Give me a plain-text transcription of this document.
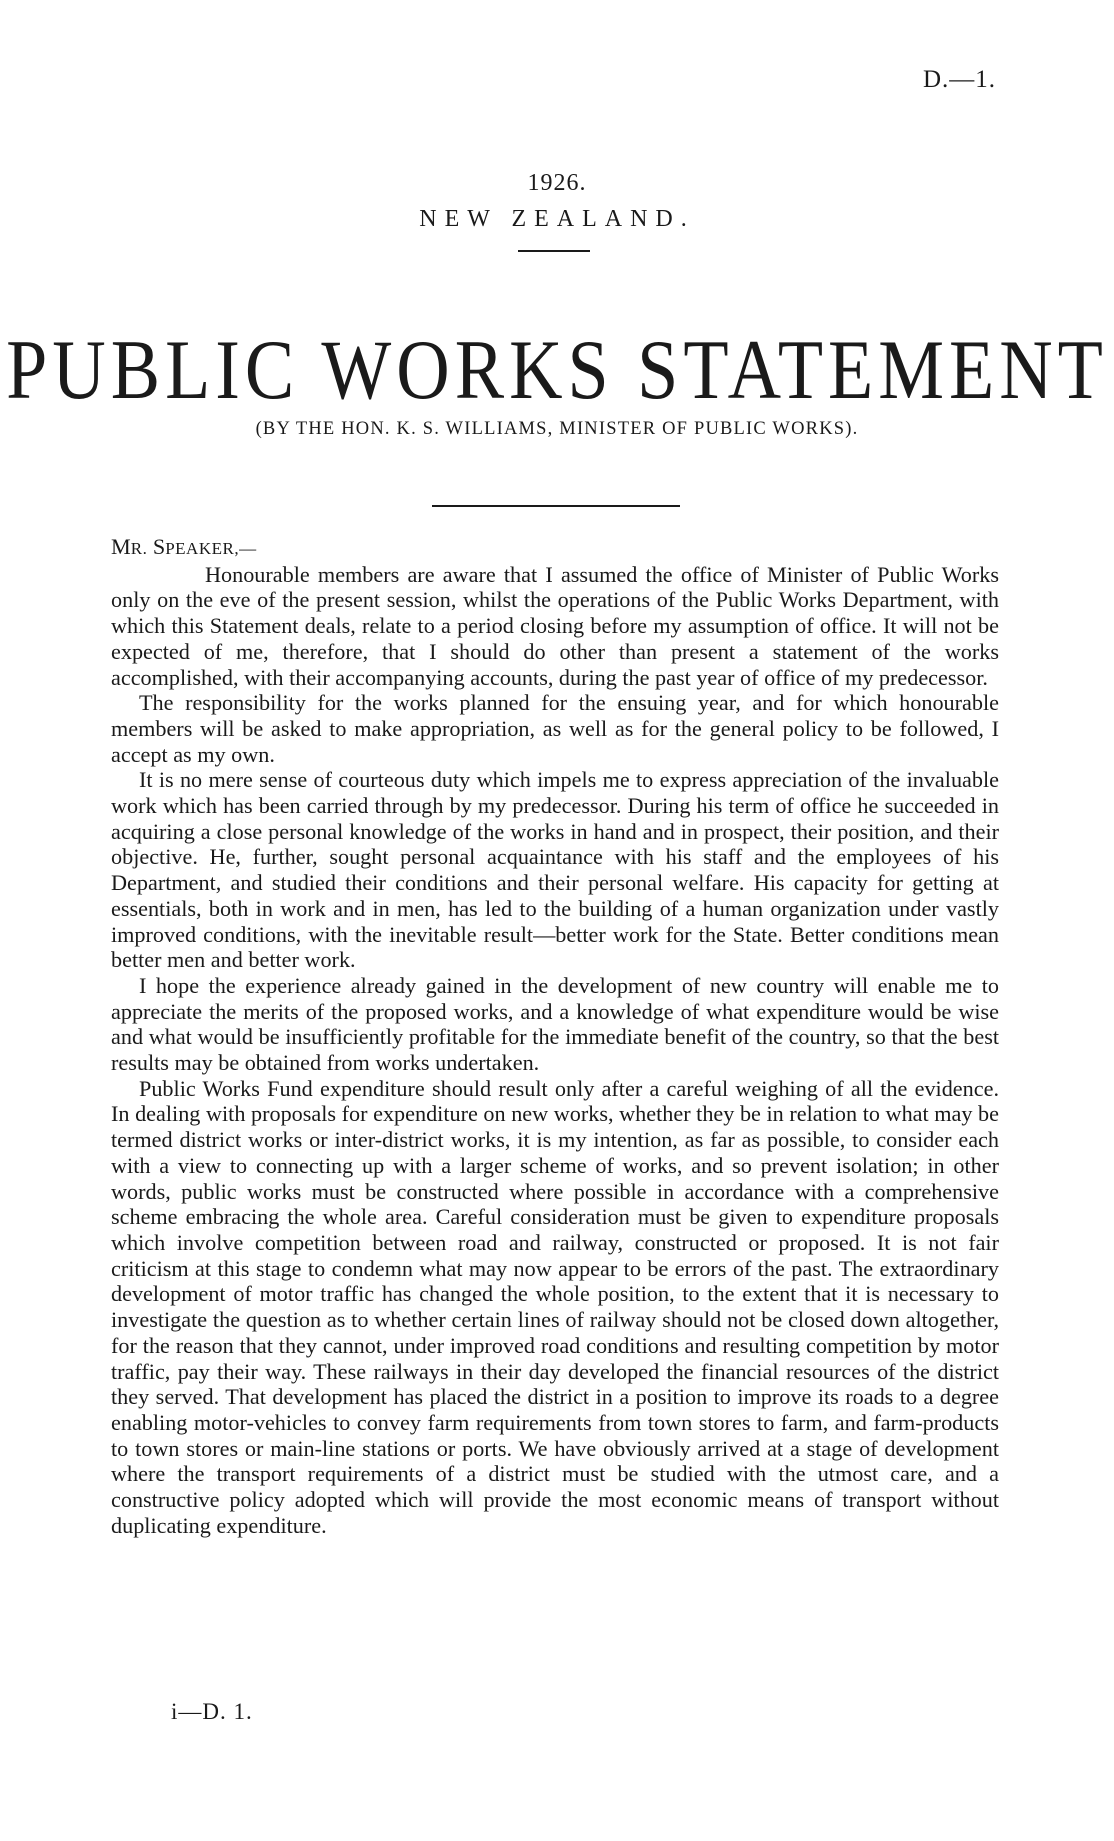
D.—1.
1926.
NEW ZEALAND.
PUBLIC WORKS STATEMENT
(BY THE HON. K. S. WILLIAMS, MINISTER OF PUBLIC WORKS).
MR. SPEAKER,—

Honourable members are aware that I assumed the office of Minister of Public Works only on the eve of the present session, whilst the operations of the Public Works Department, with which this Statement deals, relate to a period closing before my assumption of office. It will not be expected of me, therefore, that I should do other than present a statement of the works accomplished, with their accompanying accounts, during the past year of office of my predecessor.

The responsibility for the works planned for the ensuing year, and for which honourable members will be asked to make appropriation, as well as for the general policy to be followed, I accept as my own.

It is no mere sense of courteous duty which impels me to express appreciation of the invaluable work which has been carried through by my predecessor. During his term of office he succeeded in acquiring a close personal knowledge of the works in hand and in prospect, their position, and their objective. He, further, sought personal acquaintance with his staff and the employees of his Department, and studied their conditions and their personal welfare. His capacity for getting at essentials, both in work and in men, has led to the building of a human organization under vastly improved conditions, with the inevitable result—better work for the State. Better conditions mean better men and better work.

I hope the experience already gained in the development of new country will enable me to appreciate the merits of the proposed works, and a knowledge of what expenditure would be wise and what would be insufficiently profitable for the immediate benefit of the country, so that the best results may be obtained from works undertaken.

Public Works Fund expenditure should result only after a careful weighing of all the evidence. In dealing with proposals for expenditure on new works, whether they be in relation to what may be termed district works or inter-district works, it is my intention, as far as possible, to consider each with a view to connecting up with a larger scheme of works, and so prevent isolation; in other words, public works must be constructed where possible in accordance with a comprehensive scheme embracing the whole area. Careful consideration must be given to expenditure proposals which involve competition between road and railway, constructed or proposed. It is not fair criticism at this stage to condemn what may now appear to be errors of the past. The extraordinary development of motor traffic has changed the whole position, to the extent that it is necessary to investigate the question as to whether certain lines of railway should not be closed down altogether, for the reason that they cannot, under improved road conditions and resulting competition by motor traffic, pay their way. These railways in their day developed the financial resources of the district they served. That development has placed the district in a position to improve its roads to a degree enabling motor-vehicles to convey farm requirements from town stores to farm, and farm-products to town stores or main-line stations or ports. We have obviously arrived at a stage of development where the transport requirements of a district must be studied with the utmost care, and a constructive policy adopted which will provide the most economic means of transport without duplicating expenditure.

i—D. 1.
